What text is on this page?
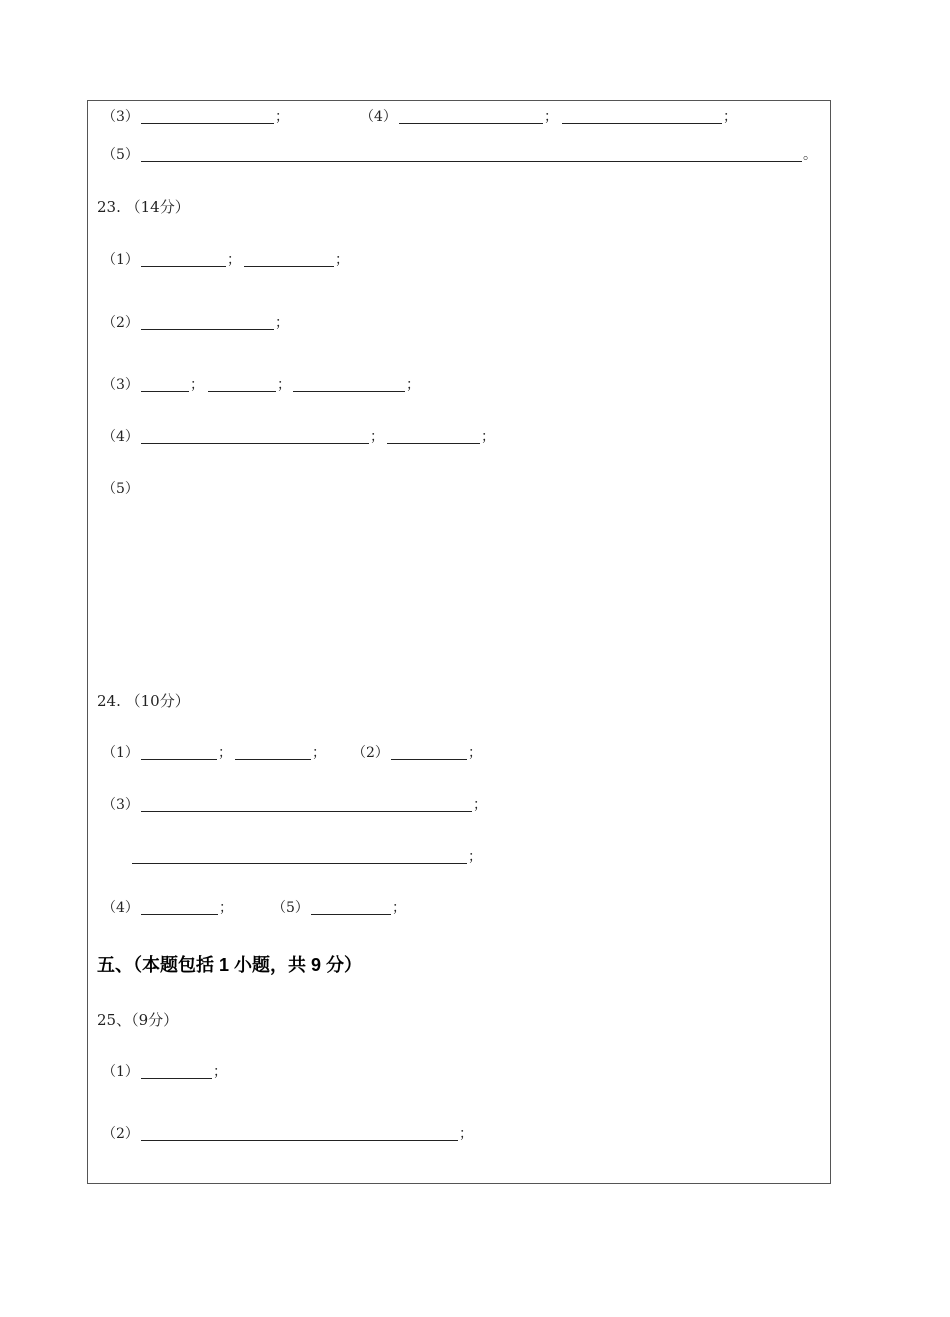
（3）	；	（4）	；	；
（5）	。
23. （14分）
（1）	；	；
（2）	；
（3）	；	；	；
（4）	；	；
（5）
24. （10分）
（1）	；	； （2）	；
（3）	；
；
（4）	；	（5）	；
五、（本题包括 1 小题，共 9 分）
25、（9分）
（1）	；
（2）	；
